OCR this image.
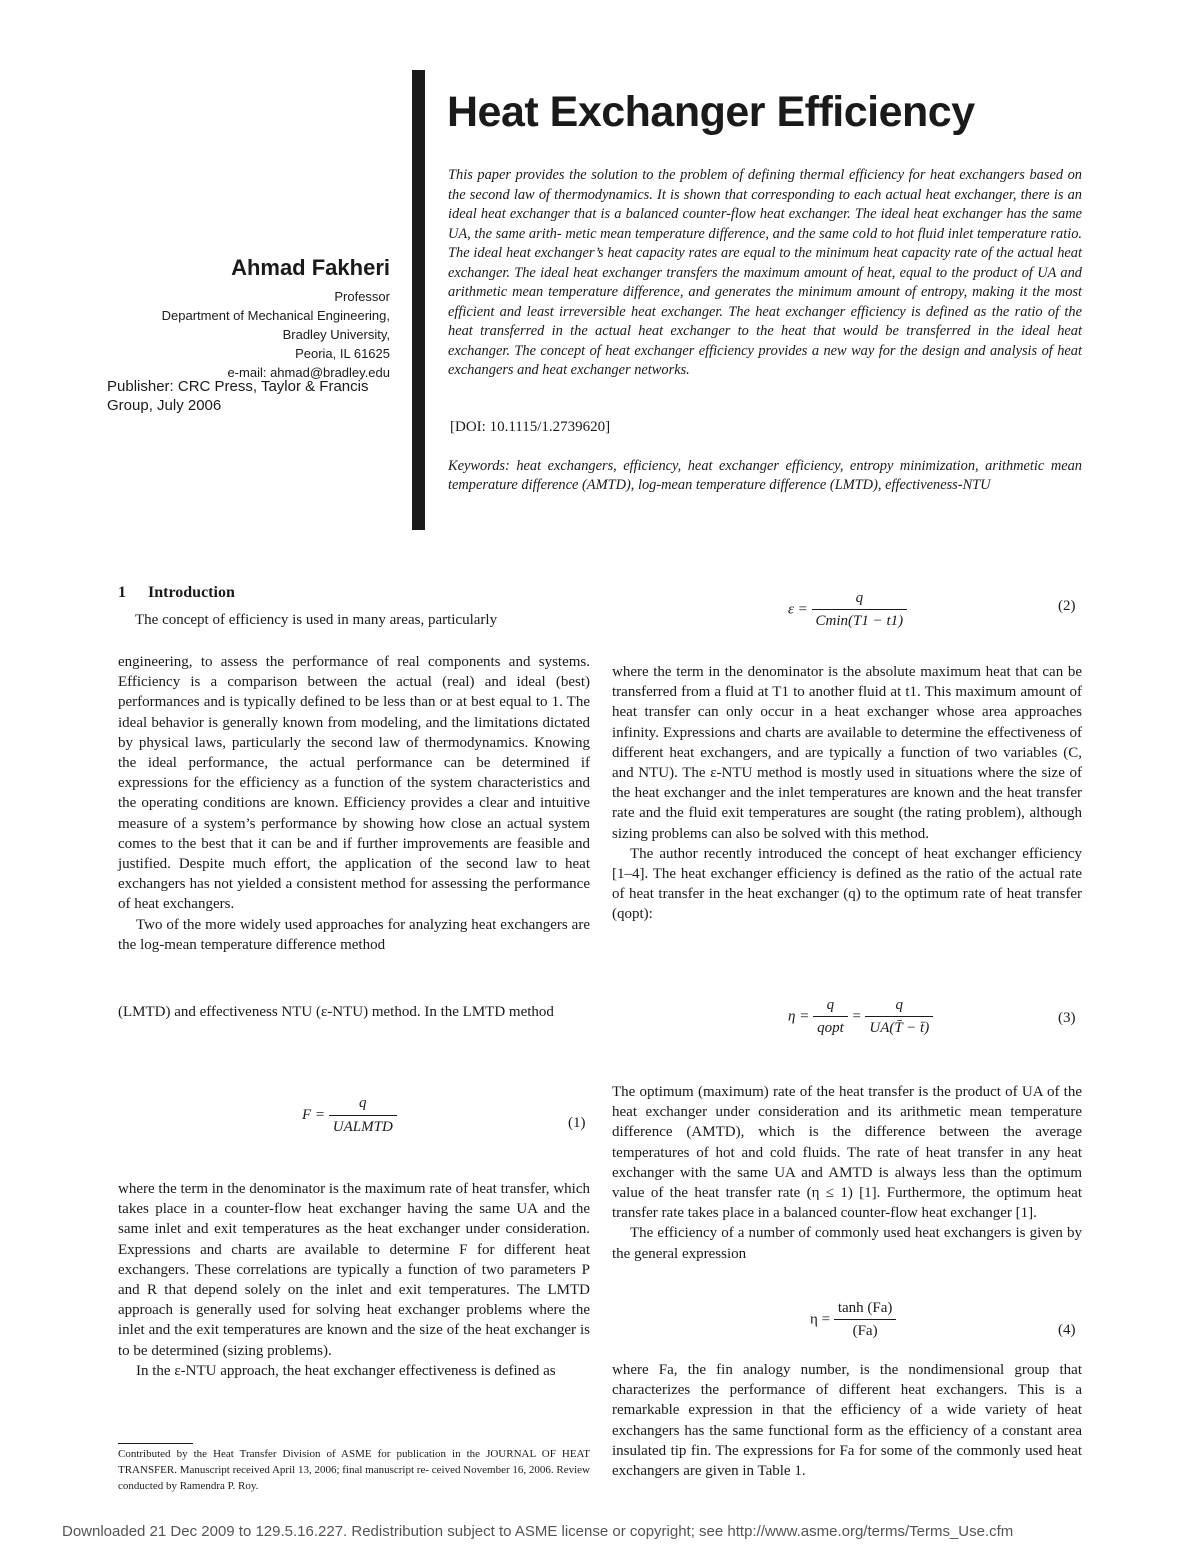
Heat Exchanger Efficiency
Ahmad Fakheri
Professor
Department of Mechanical Engineering,
Bradley University,
Peoria, IL 61625
e-mail: ahmad@bradley.edu
Publisher: CRC Press, Taylor & Francis Group, July 2006
This paper provides the solution to the problem of defining thermal efficiency for heat exchangers based on the second law of thermodynamics. It is shown that corresponding to each actual heat exchanger, there is an ideal heat exchanger that is a balanced counter-flow heat exchanger. The ideal heat exchanger has the same UA, the same arith- metic mean temperature difference, and the same cold to hot fluid inlet temperature ratio. The ideal heat exchanger’s heat capacity rates are equal to the minimum heat capacity rate of the actual heat exchanger. The ideal heat exchanger transfers the maximum amount of heat, equal to the product of UA and arithmetic mean temperature difference, and generates the minimum amount of entropy, making it the most efficient and least irreversible heat exchanger. The heat exchanger efficiency is defined as the ratio of the heat transferred in the actual heat exchanger to the heat that would be transferred in the ideal heat exchanger. The concept of heat exchanger efficiency provides a new way for the design and analysis of heat exchangers and heat exchanger networks.
[DOI: 10.1115/1.2739620]
Keywords: heat exchangers, efficiency, heat exchanger efficiency, entropy minimization, arithmetic mean temperature difference (AMTD), log-mean temperature difference (LMTD), effectiveness-NTU
1 Introduction
The concept of efficiency is used in many areas, particularly

engineering, to assess the performance of real components and systems. Efficiency is a comparison between the actual (real) and ideal (best) performances and is typically defined to be less than or at best equal to 1. The ideal behavior is generally known from modeling, and the limitations dictated by physical laws, particularly the second law of thermodynamics. Knowing the ideal performance, the actual performance can be determined if expressions for the efficiency as a function of the system characteristics and the operating conditions are known. Efficiency provides a clear and intuitive measure of a system’s performance by showing how close an actual system comes to the best that it can be and if further improvements are feasible and justified. Despite much effort, the application of the second law to heat exchangers has not yielded a consistent method for assessing the performance of heat exchangers.

Two of the more widely used approaches for analyzing heat exchangers are the log-mean temperature difference method

(LMTD) and effectiveness NTU (ε-NTU) method. In the LMTD method

$F = \frac{q}{\text{UALMTD}}$	(1)

where the term in the denominator is the maximum rate of heat transfer, which takes place in a counter-flow heat exchanger having the same UA and the same inlet and exit temperatures as the heat exchanger under consideration. Expressions and charts are available to determine F for different heat exchangers. These correlations are typically a function of two parameters P and R that depend solely on the inlet and exit temperatures. The LMTD approach is generally used for solving heat exchanger problems where the inlet and the exit temperatures are known and the size of the heat exchanger is to be determined (sizing problems).

In the ε-NTU approach, the heat exchanger effectiveness is defined as

$\varepsilon = \frac{q}{Cmin(T1 - t1)}$	(2)

where the term in the denominator is the absolute maximum heat that can be transferred from a fluid at T1 to another fluid at t1. This maximum amount of heat transfer can only occur in a heat exchanger whose area approaches infinity. Expressions and charts are available to determine the effectiveness of different heat exchangers, and are typically a function of two variables (C, and NTU). The ε-NTU method is mostly used in situations where the size of the heat exchanger and the inlet temperatures are known and the heat transfer rate and the fluid exit temperatures are sought (the rating problem), although sizing problems can also be solved with this method.

The author recently introduced the concept of heat exchanger efficiency [1–4]. The heat exchanger efficiency is defined as the ratio of the actual rate of heat transfer in the heat exchanger (q) to the optimum rate of heat transfer (qopt):

$\eta = \frac{q}{\text{qopt}} = \frac{q}{UA(T̄ - t̄)}$	(3)

The optimum (maximum) rate of the heat transfer is the product of UA of the heat exchanger under consideration and its arithmetic mean temperature difference (AMTD), which is the difference between the average temperatures of hot and cold fluids. The rate of heat transfer in any heat exchanger with the same UA and AMTD is always less than the optimum value of the heat transfer rate (η ≤ 1) [1]. Furthermore, the optimum heat transfer rate takes place in a balanced counter-flow heat exchanger [1].

The efficiency of a number of commonly used heat exchangers is given by the general expression

$\eta = \frac{\tanh (Fa)}{(Fa)}$	(4)

where Fa, the fin analogy number, is the nondimensional group that characterizes the performance of different heat exchangers. This is a remarkable expression in that the efficiency of a wide variety of heat exchangers has the same functional form as the efficiency of a constant area insulated tip fin. The expressions for Fa for some of the commonly used heat exchangers are given in Table 1.

Contributed by the Heat Transfer Division of ASME for publication in the JOURNAL OF HEAT TRANSFER. Manuscript received April 13, 2006; final manuscript re- ceived November 16, 2006. Review conducted by Ramendra P. Roy.
Downloaded 21 Dec 2009 to 129.5.16.227. Redistribution subject to ASME license or copyright; see http://www.asme.org/terms/Terms_Use.cfm
